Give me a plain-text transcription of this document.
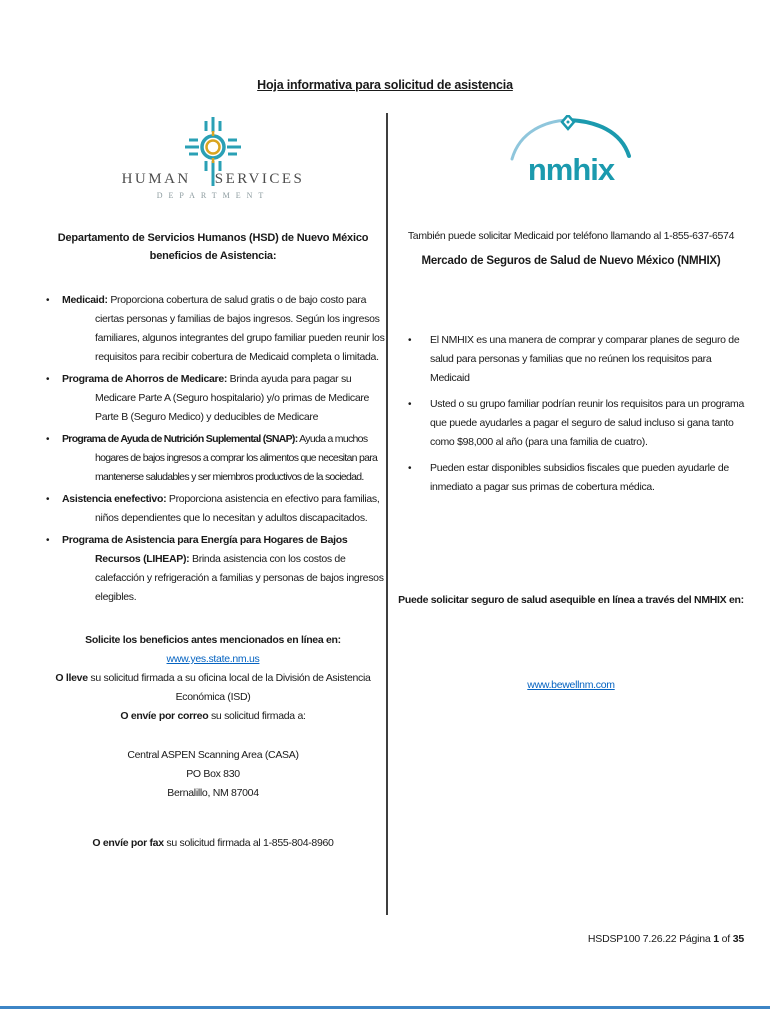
Hoja informativa para solicitud de asistencia
HUMAN SERVICES
DEPARTMENT
Departamento de Servicios Humanos (HSD) de Nuevo México beneficios de Asistencia:
• Medicaid: Proporciona cobertura de salud gratis o de bajo costo para ciertas personas y familias de bajos ingresos. Según los ingresos familiares, algunos integrantes del grupo familiar pueden reunir los requisitos para recibir cobertura de Medicaid completa o limitada.
• Programa de Ahorros de Medicare: Brinda ayuda para pagar su Medicare Parte A (Seguro hospitalario) y/o primas de Medicare Parte B (Seguro Medico) y deducibles de Medicare
• Programa de Ayuda de Nutrición Suplemental (SNAP): Ayuda a muchos hogares de bajos ingresos a comprar los alimentos que necesitan para mantenerse saludables y ser miembros productivos de la sociedad.
• Asistencia enefectivo: Proporciona asistencia en efectivo para familias, niños dependientes que lo necesitan y adultos discapacitados.
• Programa de Asistencia para Energía para Hogares de Bajos Recursos (LIHEAP): Brinda asistencia con los costos de calefacción y refrigeración a familias y personas de bajos ingresos elegibles.
Solicite los beneficios antes mencionados en línea en:
www.yes.state.nm.us
O lleve su solicitud firmada a su oficina local de la División de Asistencia Económica (ISD)
O envíe por correo su solicitud firmada a:
Central ASPEN Scanning Area (CASA)
PO Box 830
Bernalillo, NM 87004
O envíe por fax su solicitud firmada al 1-855-804-8960
nmhix
También puede solicitar Medicaid por teléfono llamando al 1-855-637-6574
Mercado de Seguros de Salud de Nuevo México (NMHIX)
• El NMHIX es una manera de comprar y comparar planes de seguro de salud para personas y familias que no reúnen los requisitos para Medicaid
• Usted o su grupo familiar podrían reunir los requisitos para un programa que puede ayudarles a pagar el seguro de salud incluso si gana tanto como $98,000 al año (para una familia de cuatro).
• Pueden estar disponibles subsidios fiscales que pueden ayudarle de inmediato a pagar sus primas de cobertura médica.
Puede solicitar seguro de salud asequible en línea a través del NMHIX en:
www.bewellnm.com

HSDSP100 7.26.22 Página 1 of 35
